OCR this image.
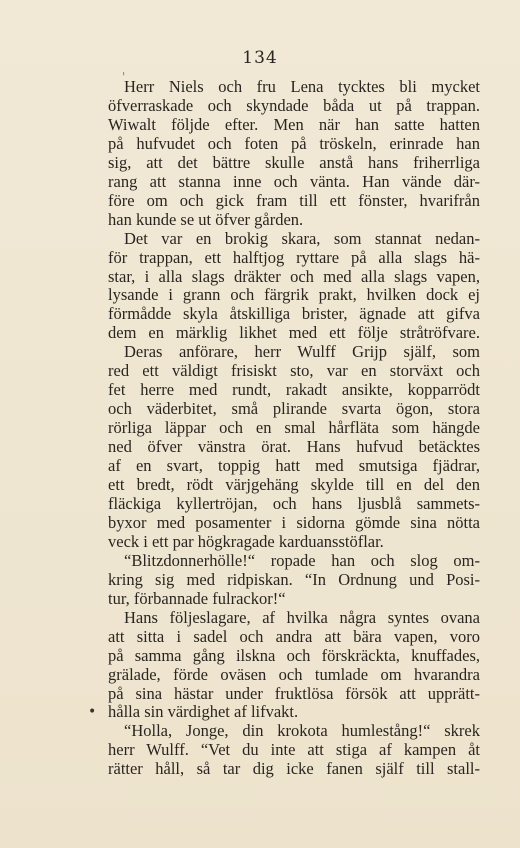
'
134
Herr Niels och fru Lena tycktes bli mycket
öfverraskade och skyndade båda ut på trappan.
Wiwalt följde efter. Men när han satte hatten
på hufvudet och foten på tröskeln, erinrade han
sig, att det bättre skulle anstå hans friherrliga
rang att stanna inne och vänta. Han vände där-
före om och gick fram till ett fönster, hvarifrån
han kunde se ut öfver gården.
Det var en brokig skara, som stannat nedan-
för trappan, ett halftjog ryttare på alla slags hä-
star, i alla slags dräkter och med alla slags vapen,
lysande i grann och färgrik prakt, hvilken dock ej
förmådde skyla åtskilliga brister, ägnade att gifva
dem en märklig likhet med ett följe stråtröfvare.
Deras anförare, herr Wulff Grijp själf, som
red ett väldigt frisiskt sto, var en storväxt och
fet herre med rundt, rakadt ansikte, kopparrödt
och väderbitet, små plirande svarta ögon, stora
rörliga läppar och en smal hårfläta som hängde
ned öfver vänstra örat. Hans hufvud betäcktes
af en svart, toppig hatt med smutsiga fjädrar,
ett bredt, rödt värjgehäng skylde till en del den
fläckiga kyllertröjan, och hans ljusblå sammets-
byxor med posamenter i sidorna gömde sina nötta
veck i ett par högkragade karduansstöflar.
“Blitzdonnerhölle!“ ropade han och slog om-
kring sig med ridpiskan. “In Ordnung und Posi-
tur, förbannade fulrackor!“
Hans följeslagare, af hvilka några syntes ovana
att sitta i sadel och andra att bära vapen, voro
på samma gång ilskna och förskräckta, knuffades,
grälade, förde oväsen och tumlade om hvarandra
på sina hästar under fruktlösa försök att upprätt-
hålla sin värdighet af lifvakt.
“Holla, Jonge, din krokota humlestång!“ skrek
herr Wulff. “Vet du inte att stiga af kampen åt
rätter håll, så tar dig icke fanen själf till stall-
•
